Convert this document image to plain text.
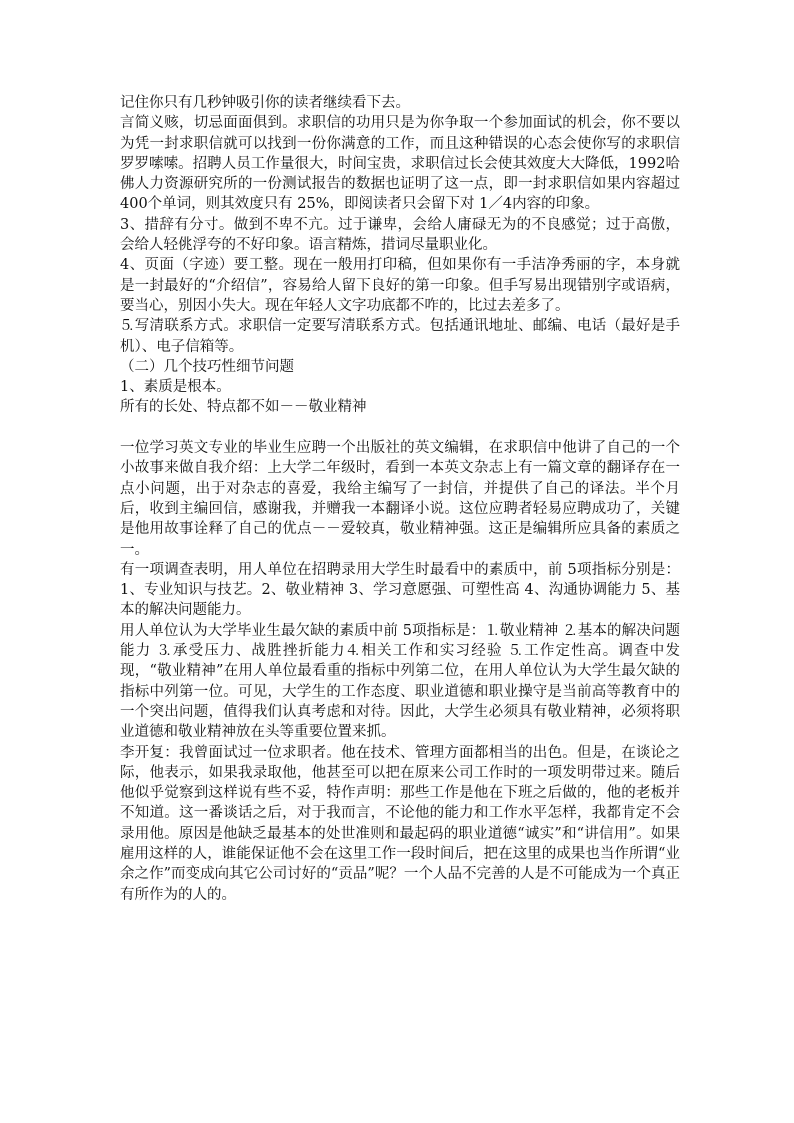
记住你只有几秒钟吸引你的读者继续看下去。

言简义赅，切忌面面俱到。求职信的功用只是为你争取一个参加面试的机会，你不要以为凭一封求职信就可以找到一份你满意的工作，而且这种错误的心态会使你写的求职信罗罗嗦嗦。招聘人员工作量很大，时间宝贵，求职信过长会使其效度大大降低，1992哈佛人力资源研究所的一份测试报告的数据也证明了这一点，即一封求职信如果内容超过 400个单词，则其效度只有 25%，即阅读者只会留下对 1／4内容的印象。

3、措辞有分寸。做到不卑不亢。过于谦卑，会给人庸碌无为的不良感觉；过于高傲，会给人轻佻浮夸的不好印象。语言精炼，措词尽量职业化。

4、页面（字迹）要工整。现在一般用打印稿，但如果你有一手洁净秀丽的字，本身就是一封最好的“介绍信”，容易给人留下良好的第一印象。但手写易出现错别字或语病，要当心，别因小失大。现在年轻人文字功底都不咋的，比过去差多了。

⒌写清联系方式。求职信一定要写清联系方式。包括通讯地址、邮编、电话（最好是手机）、电子信箱等。

（二）几个技巧性细节问题

1、素质是根本。

所有的长处、特点都不如－－敬业精神

一位学习英文专业的毕业生应聘一个出版社的英文编辑，在求职信中他讲了自己的一个小故事来做自我介绍：上大学二年级时，看到一本英文杂志上有一篇文章的翻译存在一点小问题，出于对杂志的喜爱，我给主编写了一封信，并提供了自己的译法。半个月后，收到主编回信，感谢我，并赠我一本翻译小说。这位应聘者轻易应聘成功了，关键是他用故事诠释了自己的优点－－爱较真，敬业精神强。这正是编辑所应具备的素质之一。

有一项调查表明，用人单位在招聘录用大学生时最看中的素质中，前 5项指标分别是：1、专业知识与技艺。2、敬业精神 3、学习意愿强、可塑性高 4、沟通协调能力 5、基本的解决问题能力。

用人单位认为大学毕业生最欠缺的素质中前 5项指标是：⒈敬业精神 ⒉基本的解决问题能力 ⒊承受压力、战胜挫折能力⒋相关工作和实习经验 ⒌工作定性高。调查中发现，“敬业精神”在用人单位最看重的指标中列第二位，在用人单位认为大学生最欠缺的指标中列第一位。可见，大学生的工作态度、职业道德和职业操守是当前高等教育中的一个突出问题，值得我们认真考虑和对待。因此，大学生必须具有敬业精神，必须将职业道德和敬业精神放在头等重要位置来抓。

李开复：我曾面试过一位求职者。他在技术、管理方面都相当的出色。但是，在谈论之际，他表示，如果我录取他，他甚至可以把在原来公司工作时的一项发明带过来。随后他似乎觉察到这样说有些不妥，特作声明：那些工作是他在下班之后做的，他的老板并不知道。这一番谈话之后，对于我而言，不论他的能力和工作水平怎样，我都肯定不会录用他。原因是他缺乏最基本的处世准则和最起码的职业道德“诚实”和“讲信用”。如果雇用这样的人，谁能保证他不会在这里工作一段时间后，把在这里的成果也当作所谓“业余之作”而变成向其它公司讨好的“贡品”呢？一个人品不完善的人是不可能成为一个真正有所作为的人的。
